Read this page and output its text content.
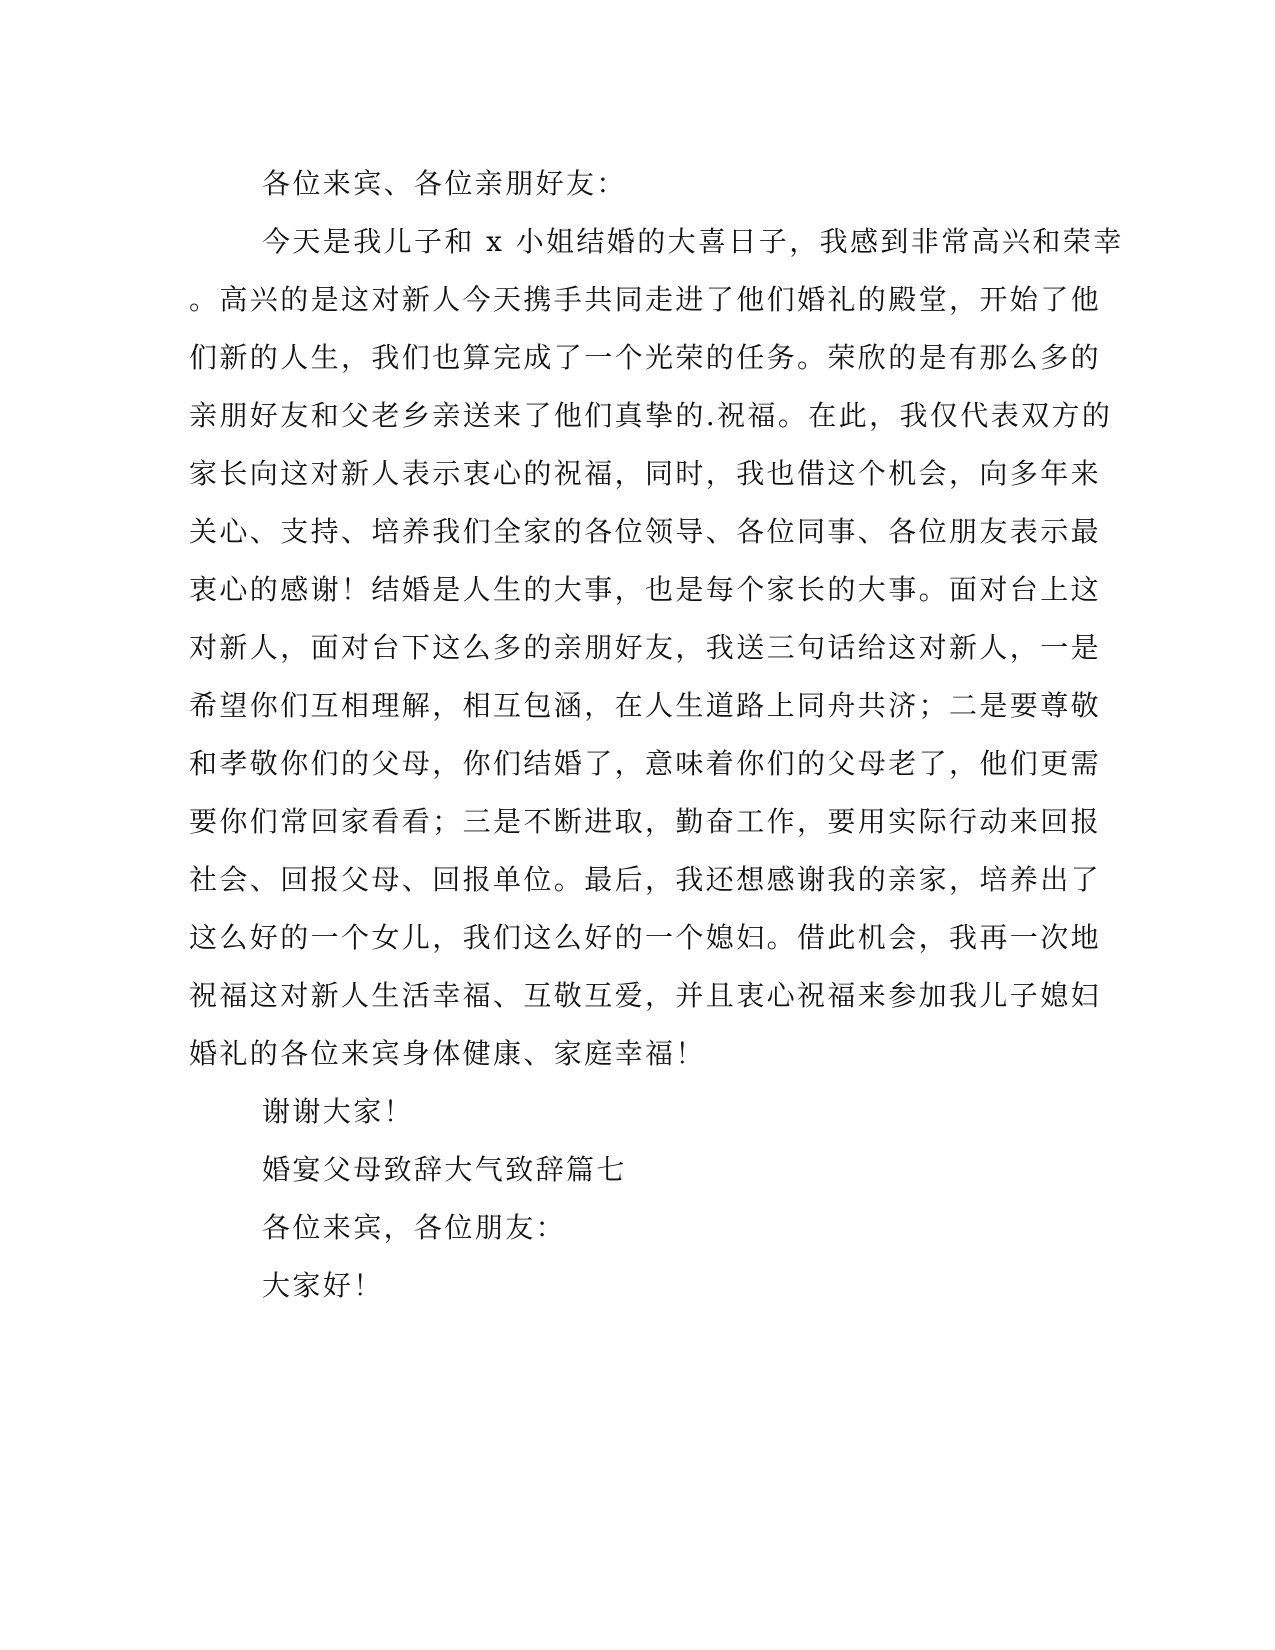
各位来宾、各位亲朋好友：
今天是我儿子和 x 小姐结婚的大喜日子，我感到非常高兴和荣幸
。高兴的是这对新人今天携手共同走进了他们婚礼的殿堂，开始了他
们新的人生，我们也算完成了一个光荣的任务。荣欣的是有那么多的
亲朋好友和父老乡亲送来了他们真挚的.祝福。在此，我仅代表双方的
家长向这对新人表示衷心的祝福，同时，我也借这个机会，向多年来
关心、支持、培养我们全家的各位领导、各位同事、各位朋友表示最
衷心的感谢！结婚是人生的大事，也是每个家长的大事。面对台上这
对新人，面对台下这么多的亲朋好友，我送三句话给这对新人，一是
希望你们互相理解，相互包涵，在人生道路上同舟共济；二是要尊敬
和孝敬你们的父母，你们结婚了，意味着你们的父母老了，他们更需
要你们常回家看看；三是不断进取，勤奋工作，要用实际行动来回报
社会、回报父母、回报单位。最后，我还想感谢我的亲家，培养出了
这么好的一个女儿，我们这么好的一个媳妇。借此机会，我再一次地
祝福这对新人生活幸福、互敬互爱，并且衷心祝福来参加我儿子媳妇
婚礼的各位来宾身体健康、家庭幸福！
谢谢大家！
婚宴父母致辞大气致辞篇七
各位来宾，各位朋友：
大家好！
